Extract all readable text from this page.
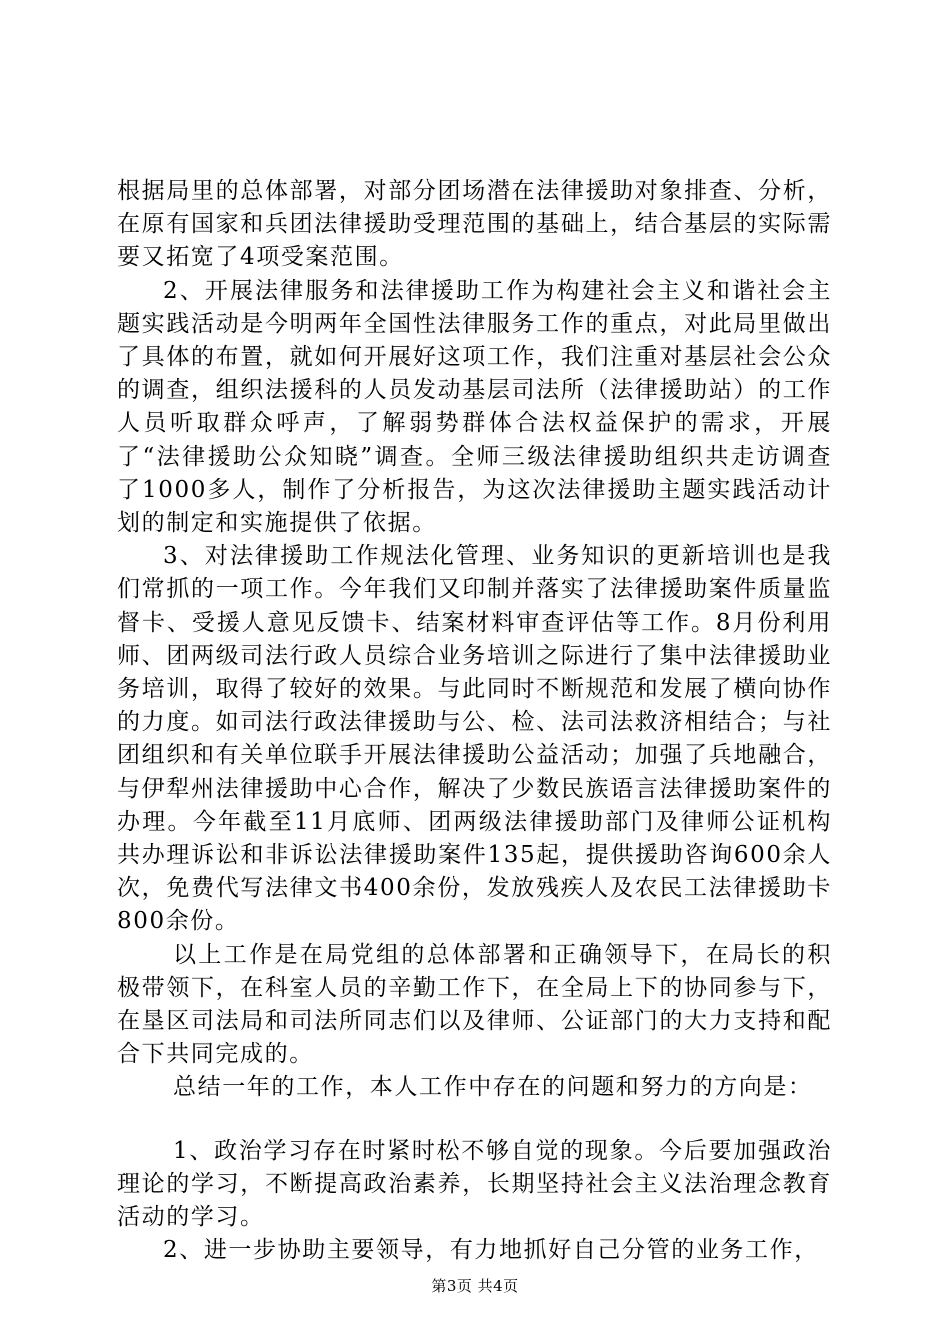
根据局里的总体部署，对部分团场潜在法律援助对象排查、分析，在原有国家和兵团法律援助受理范围的基础上，结合基层的实际需要又拓宽了4项受案范围。

2、开展法律服务和法律援助工作为构建社会主义和谐社会主题实践活动是今明两年全国性法律服务工作的重点，对此局里做出了具体的布置，就如何开展好这项工作，我们注重对基层社会公众的调查，组织法援科的人员发动基层司法所（法律援助站）的工作人员听取群众呼声，了解弱势群体合法权益保护的需求，开展了“法律援助公众知晓”调查。全师三级法律援助组织共走访调查了1000多人，制作了分析报告，为这次法律援助主题实践活动计划的制定和实施提供了依据。

3、对法律援助工作规法化管理、业务知识的更新培训也是我们常抓的一项工作。今年我们又印制并落实了法律援助案件质量监督卡、受援人意见反馈卡、结案材料审查评估等工作。8月份利用师、团两级司法行政人员综合业务培训之际进行了集中法律援助业务培训，取得了较好的效果。与此同时不断规范和发展了横向协作的力度。如司法行政法律援助与公、检、法司法救济相结合；与社团组织和有关单位联手开展法律援助公益活动；加强了兵地融合，与伊犁州法律援助中心合作，解决了少数民族语言法律援助案件的办理。今年截至11月底师、团两级法律援助部门及律师公证机构共办理诉讼和非诉讼法律援助案件135起，提供援助咨询600余人次，免费代写法律文书400余份，发放残疾人及农民工法律援助卡800余份。

以上工作是在局党组的总体部署和正确领导下，在局长的积极带领下，在科室人员的辛勤工作下，在全局上下的协同参与下，在垦区司法局和司法所同志们以及律师、公证部门的大力支持和配合下共同完成的。

总结一年的工作，本人工作中存在的问题和努力的方向是：

1、政治学习存在时紧时松不够自觉的现象。今后要加强政治理论的学习，不断提高政治素养，长期坚持社会主义法治理念教育活动的学习。

2、进一步协助主要领导，有力地抓好自己分管的业务工作，

第3页 共4页
